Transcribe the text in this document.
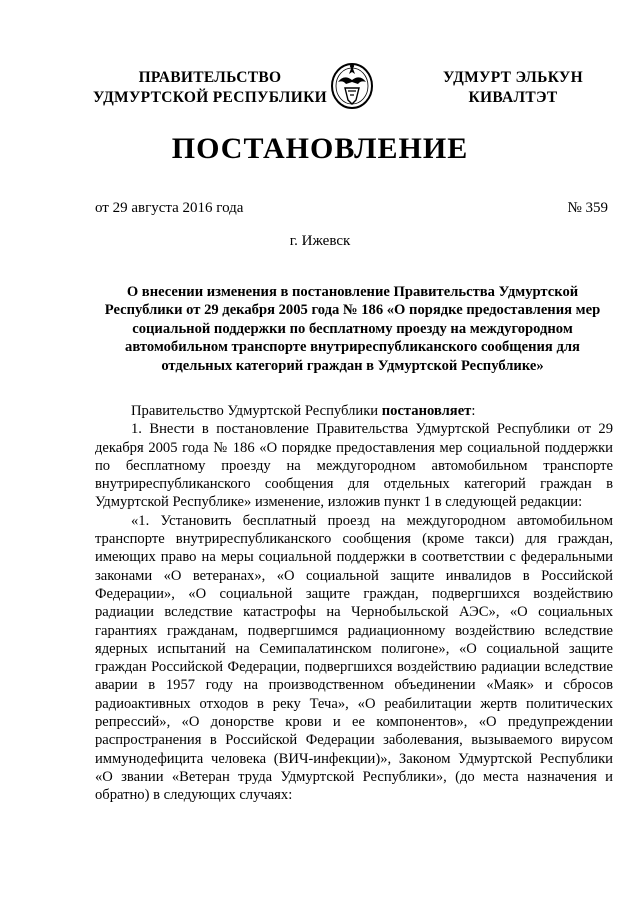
ПРАВИТЕЛЬСТВО
УДМУРТСКОЙ РЕСПУБЛИКИ
УДМУРТ ЭЛЬКУН
КИВАЛТЭТ
ПОСТАНОВЛЕНИЕ
от 29 августа 2016 года	№ 359
г. Ижевск
О внесении изменения в постановление Правительства Удмуртской Республики от 29 декабря 2005 года № 186 «О порядке предоставления мер социальной поддержки по бесплатному проезду на междугородном автомобильном транспорте внутриреспубликанского сообщения для отдельных категорий граждан в Удмуртской Республике»

Правительство Удмуртской Республики постановляет:

1. Внести в постановление Правительства Удмуртской Республики от 29 декабря 2005 года № 186 «О порядке предоставления мер социальной поддержки по бесплатному проезду на междугородном автомобильном транспорте внутриреспубликанского сообщения для отдельных категорий граждан в Удмуртской Республике» изменение, изложив пункт 1 в следующей редакции:

«1. Установить бесплатный проезд на междугородном автомобильном транспорте внутриреспубликанского сообщения (кроме такси) для граждан, имеющих право на меры социальной поддержки в соответствии с федеральными законами «О ветеранах», «О социальной защите инвалидов в Российской Федерации», «О социальной защите граждан, подвергшихся воздействию радиации вследствие катастрофы на Чернобыльской АЭС», «О социальных гарантиях гражданам, подвергшимся радиационному воздействию вследствие ядерных испытаний на Семипалатинском полигоне», «О социальной защите граждан Российской Федерации, подвергшихся воздействию радиации вследствие аварии в 1957 году на производственном объединении «Маяк» и сбросов радиоактивных отходов в реку Теча», «О реабилитации жертв политических репрессий», «О донорстве крови и ее компонентов», «О предупреждении распространения в Российской Федерации заболевания, вызываемого вирусом иммунодефицита человека (ВИЧ-инфекции)», Законом Удмуртской Республики «О звании «Ветеран труда Удмуртской Республики», (до места назначения и обратно) в следующих случаях:
